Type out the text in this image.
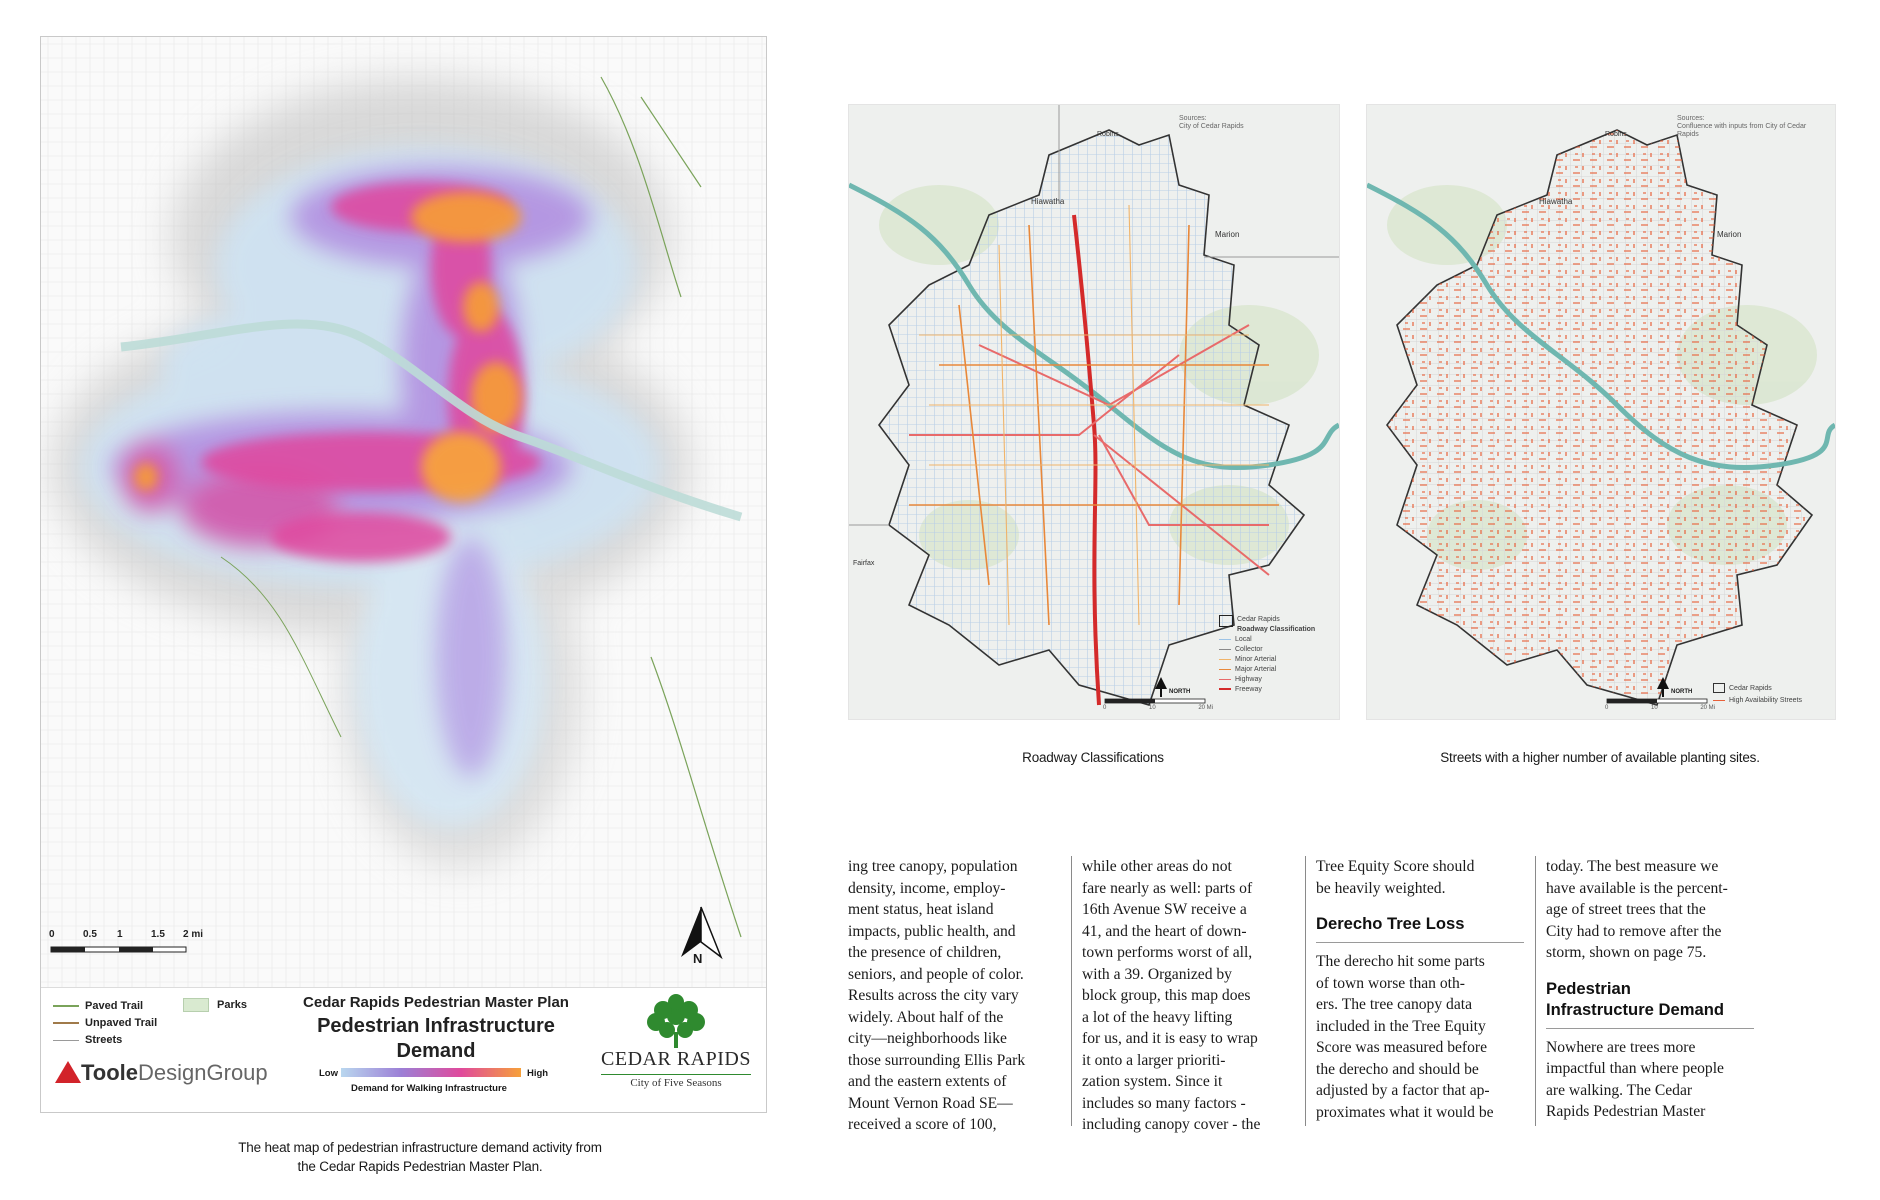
0	0.5	1	1.5	2 mi
N
Paved Trail
Unpaved Trail
Streets
Parks	Cedar Rapids Pedestrian Master Plan
Pedestrian Infrastructure
Demand
Low	High
Demand for Walking Infrastructure
TooleDesignGroup
CEDAR RAPIDS
City of Five Seasons
The heat map of pedestrian infrastructure demand activity from
the Cedar Rapids Pedestrian Master Plan.
Sources:
City of Cedar Rapids
Robins
Hiawatha
Marion
Fairfax
Cedar Rapids
Roadway Classification
Local
Collector
Minor Arterial
Major Arterial
Highway
Freeway
NORTH
0	10	20 Mi
Roadway Classifications
Sources:
Confluence with inputs from City of Cedar
Rapids
Robins
Hiawatha
Marion
Cedar Rapids
High Availability Streets
NORTH
0	10	20 Mi
Streets with a higher number of available planting sites.
ing tree canopy, population
density, income, employ-
ment status, heat island
impacts, public health, and
the presence of children,
seniors, and people of color.
Results across the city vary
widely. About half of the
city—neighborhoods like
those surrounding Ellis Park
and the eastern extents of
Mount Vernon Road SE—
received a score of 100,
while other areas do not
fare nearly as well: parts of
16th Avenue SW receive a
41, and the heart of down-
town performs worst of all,
with a 39. Organized by
block group, this map does
a lot of the heavy lifting
for us, and it is easy to wrap
it onto a larger prioriti-
zation system. Since it
includes so many factors -
including canopy cover - the
Tree Equity Score should
be heavily weighted.
Derecho Tree Loss
The derecho hit some parts
of town worse than oth-
ers. The tree canopy data
included in the Tree Equity
Score was measured before
the derecho and should be
adjusted by a factor that ap-
proximates what it would be
today. The best measure we
have available is the percent-
age of street trees that the
City had to remove after the
storm, shown on page 75.
Pedestrian
Infrastructure Demand
Nowhere are trees more
impactful than where people
are walking. The Cedar
Rapids Pedestrian Master
